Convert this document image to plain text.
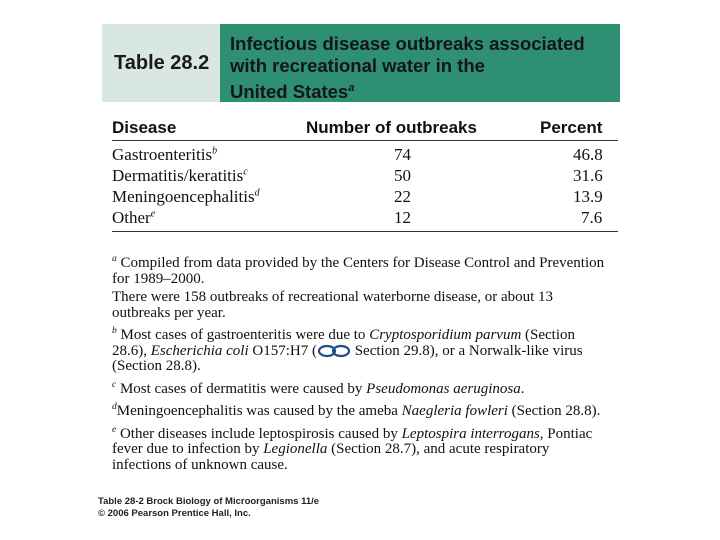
Table 28.2
Infectious disease outbreaks associated
with recreational water in the
United States$^a$
Disease	Number of outbreaks	Percent
Gastroenteritis$^b$	74	46.8
Dermatitis/keratitis$^c$	50	31.6
Meningoencephalitis$^d$	22	13.9
Other$^e$	12	7.6

$^a$ Compiled from data provided by the Centers for Disease Control and Prevention for 1989–2000.

There were 158 outbreaks of recreational waterborne disease, or about 13 outbreaks per year.

$^b$ Most cases of gastroenteritis were due to Cryptosporidium parvum (Section 28.6), Escherichia coli O157:H7 ( Section 29.8), or a Norwalk-like virus (Section 28.8).

$^c$ Most cases of dermatitis were caused by Pseudomonas aeruginosa.

$^d$Meningoencephalitis was caused by the ameba Naegleria fowleri (Section 28.8).

$^e$ Other diseases include leptospirosis caused by Leptospira interrogans, Pontiac fever due to infection by Legionella (Section 28.7), and acute respiratory infections of unknown cause.

Table 28-2 Brock Biology of Microorganisms 11/e
© 2006 Pearson Prentice Hall, Inc.
